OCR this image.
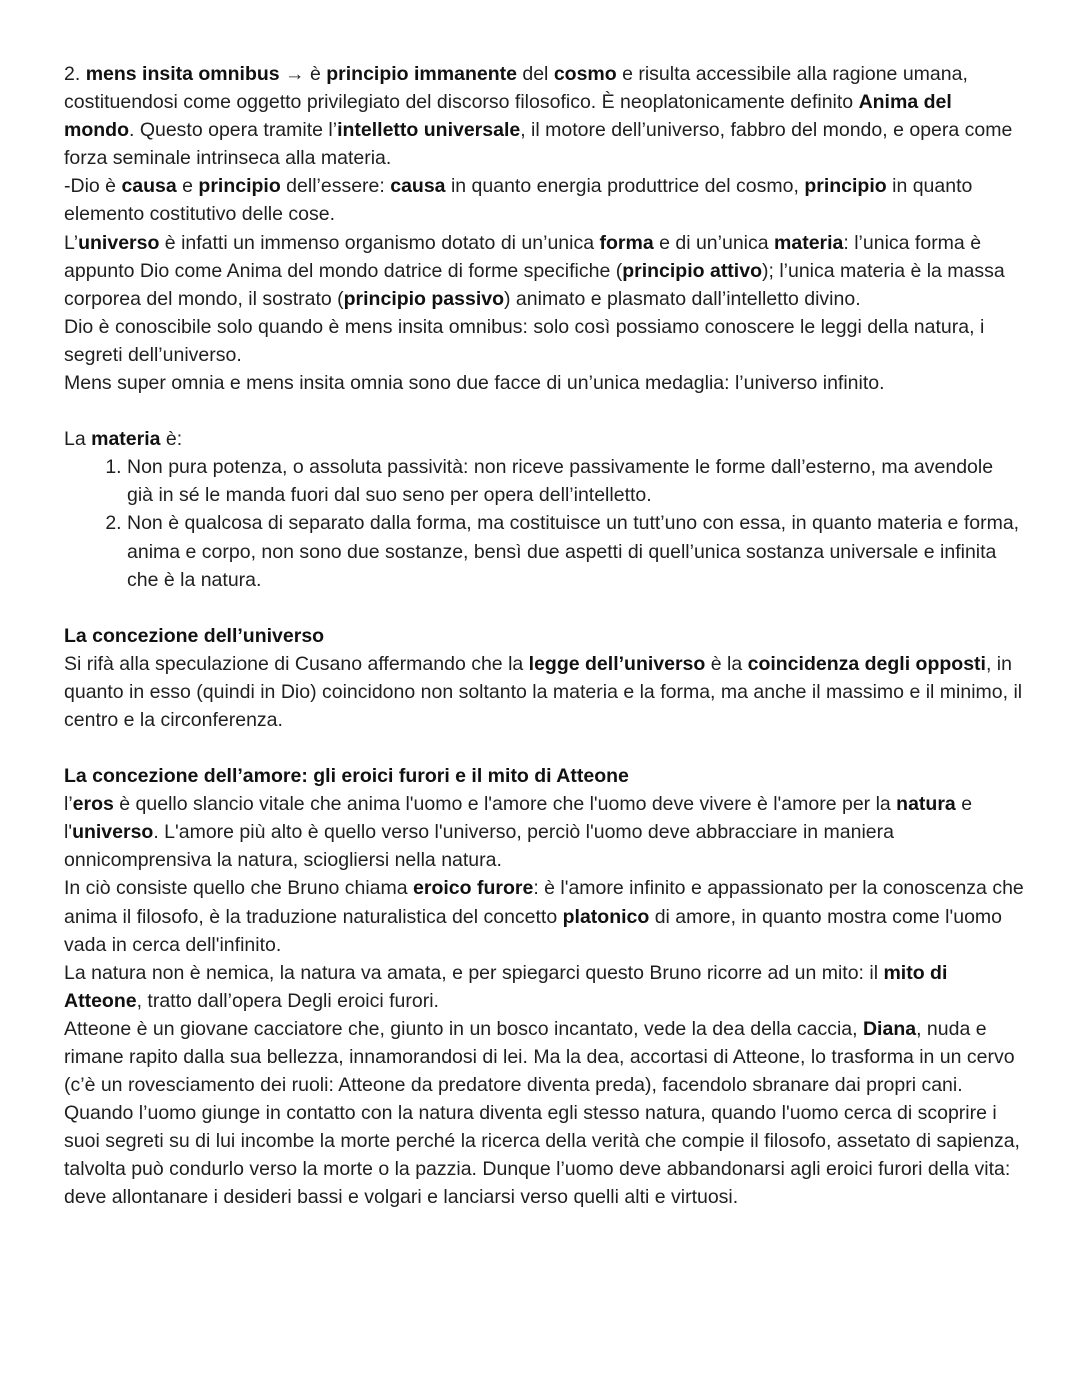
2. mens insita omnibus → è principio immanente del cosmo e risulta accessibile alla ragione umana, costituendosi come oggetto privilegiato del discorso filosofico. È neoplatonicamente definito Anima del mondo. Questo opera tramite l’intelletto universale, il motore dell’universo, fabbro del mondo, e opera come forza seminale intrinseca alla materia.

-Dio è causa e principio dell’essere: causa in quanto energia produttrice del cosmo, principio in quanto elemento costitutivo delle cose.

L’universo è infatti un immenso organismo dotato di un’unica forma e di un’unica materia: l’unica forma è appunto Dio come Anima del mondo datrice di forme specifiche (principio attivo); l’unica materia è la massa corporea del mondo, il sostrato (principio passivo) animato e plasmato dall’intelletto divino.

Dio è conoscibile solo quando è mens insita omnibus: solo così possiamo conoscere le leggi della natura, i segreti dell’universo.

Mens super omnia e mens insita omnia sono due facce di un’unica medaglia: l’universo infinito.

La materia è:

1. Non pura potenza, o assoluta passività: non riceve passivamente le forme dall’esterno, ma avendole già in sé le manda fuori dal suo seno per opera dell’intelletto.
2. Non è qualcosa di separato dalla forma, ma costituisce un tutt’uno con essa, in quanto materia e forma, anima e corpo, non sono due sostanze, bensì due aspetti di quell’unica sostanza universale e infinita che è la natura.

La concezione dell’universo

Si rifà alla speculazione di Cusano affermando che la legge dell’universo è la coincidenza degli opposti, in quanto in esso (quindi in Dio) coincidono non soltanto la materia e la forma, ma anche il massimo e il minimo, il centro e la circonferenza.

La concezione dell’amore: gli eroici furori e il mito di Atteone

l’eros è quello slancio vitale che anima l'uomo e l'amore che l'uomo deve vivere è l'amore per la natura e l'universo. L'amore più alto è quello verso l'universo, perciò l'uomo deve abbracciare in maniera onnicomprensiva la natura, sciogliersi nella natura.

In ciò consiste quello che Bruno chiama eroico furore: è l'amore infinito e appassionato per la conoscenza che anima il filosofo, è la traduzione naturalistica del concetto platonico di amore, in quanto mostra come l'uomo vada in cerca dell'infinito.

La natura non è nemica, la natura va amata, e per spiegarci questo Bruno ricorre ad un mito: il mito di Atteone, tratto dall’opera Degli eroici furori.

Atteone è un giovane cacciatore che, giunto in un bosco incantato, vede la dea della caccia, Diana, nuda e rimane rapito dalla sua bellezza, innamorandosi di lei. Ma la dea, accortasi di Atteone, lo trasforma in un cervo (c’è un rovesciamento dei ruoli: Atteone da predatore diventa preda), facendolo sbranare dai propri cani.

Quando l’uomo giunge in contatto con la natura diventa egli stesso natura, quando l'uomo cerca di scoprire i suoi segreti su di lui incombe la morte perché la ricerca della verità che compie il filosofo, assetato di sapienza, talvolta può condurlo verso la morte o la pazzia. Dunque l’uomo deve abbandonarsi agli eroici furori della vita: deve allontanare i desideri bassi e volgari e lanciarsi verso quelli alti e virtuosi.
